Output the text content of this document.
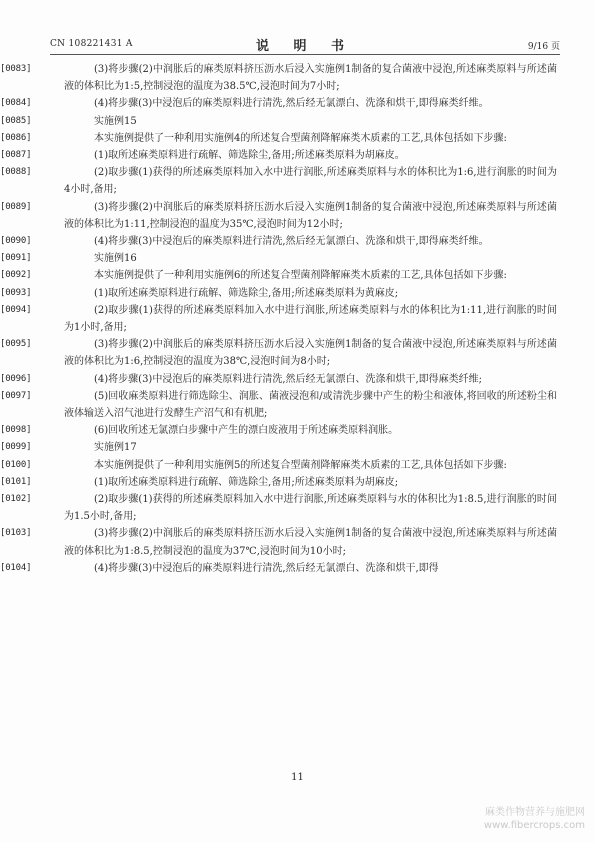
CN 108221431 A	说 明 书	9/16 页
[0083]	(3)将步骤(2)中润胀后的麻类原料挤压沥水后浸入实施例1制备的复合菌液中浸泡,所述麻类原料与所述菌液的体积比为1:5,控制浸泡的温度为38.5℃,浸泡时间为7小时;
[0084]	(4)将步骤(3)中浸泡后的麻类原料进行清洗,然后经无氯漂白、洗涤和烘干,即得麻类纤维。
[0085]	实施例15
[0086]	本实施例提供了一种利用实施例4的所述复合型菌剂降解麻类木质素的工艺,具体包括如下步骤:
[0087]	(1)取所述麻类原料进行疏解、筛选除尘,备用;所述麻类原料为胡麻皮。
[0088]	(2)取步骤(1)获得的所述麻类原料加入水中进行润胀,所述麻类原料与水的体积比为1:6,进行润胀的时间为4小时,备用;
[0089]	(3)将步骤(2)中润胀后的麻类原料挤压沥水后浸入实施例1制备的复合菌液中浸泡,所述麻类原料与所述菌液的体积比为1:11,控制浸泡的温度为35℃,浸泡时间为12小时;
[0090]	(4)将步骤(3)中浸泡后的麻类原料进行清洗,然后经无氯漂白、洗涤和烘干,即得麻类纤维。
[0091]	实施例16
[0092]	本实施例提供了一种利用实施例6的所述复合型菌剂降解麻类木质素的工艺,具体包括如下步骤:
[0093]	(1)取所述麻类原料进行疏解、筛选除尘,备用;所述麻类原料为黄麻皮;
[0094]	(2)取步骤(1)获得的所述麻类原料加入水中进行润胀,所述麻类原料与水的体积比为1:11,进行润胀的时间为1小时,备用;
[0095]	(3)将步骤(2)中润胀后的麻类原料挤压沥水后浸入实施例1制备的复合菌液中浸泡,所述麻类原料与所述菌液的体积比为1:6,控制浸泡的温度为38℃,浸泡时间为8小时;
[0096]	(4)将步骤(3)中浸泡后的麻类原料进行清洗,然后经无氯漂白、洗涤和烘干,即得麻类纤维;
[0097]	(5)回收麻类原料进行筛选除尘、润胀、菌液浸泡和/或清洗步骤中产生的粉尘和液体,将回收的所述粉尘和液体输送入沼气池进行发酵生产沼气和有机肥;
[0098]	(6)回收所述无氯漂白步骤中产生的漂白废液用于所述麻类原料润胀。
[0099]	实施例17
[0100]	本实施例提供了一种利用实施例5的所述复合型菌剂降解麻类木质素的工艺,具体包括如下步骤:
[0101]	(1)取所述麻类原料进行疏解、筛选除尘,备用;所述麻类原料为胡麻皮;
[0102]	(2)取步骤(1)获得的所述麻类原料加入水中进行润胀,所述麻类原料与水的体积比为1:8.5,进行润胀的时间为1.5小时,备用;
[0103]	(3)将步骤(2)中润胀后的麻类原料挤压沥水后浸入实施例1制备的复合菌液中浸泡,所述麻类原料与所述菌液的体积比为1:8.5,控制浸泡的温度为37℃,浸泡时间为10小时;
[0104]	(4)将步骤(3)中浸泡后的麻类原料进行清洗,然后经无氯漂白、洗涤和烘干,即得
11
麻类作物营养与施肥网
www.fibercrops.com
